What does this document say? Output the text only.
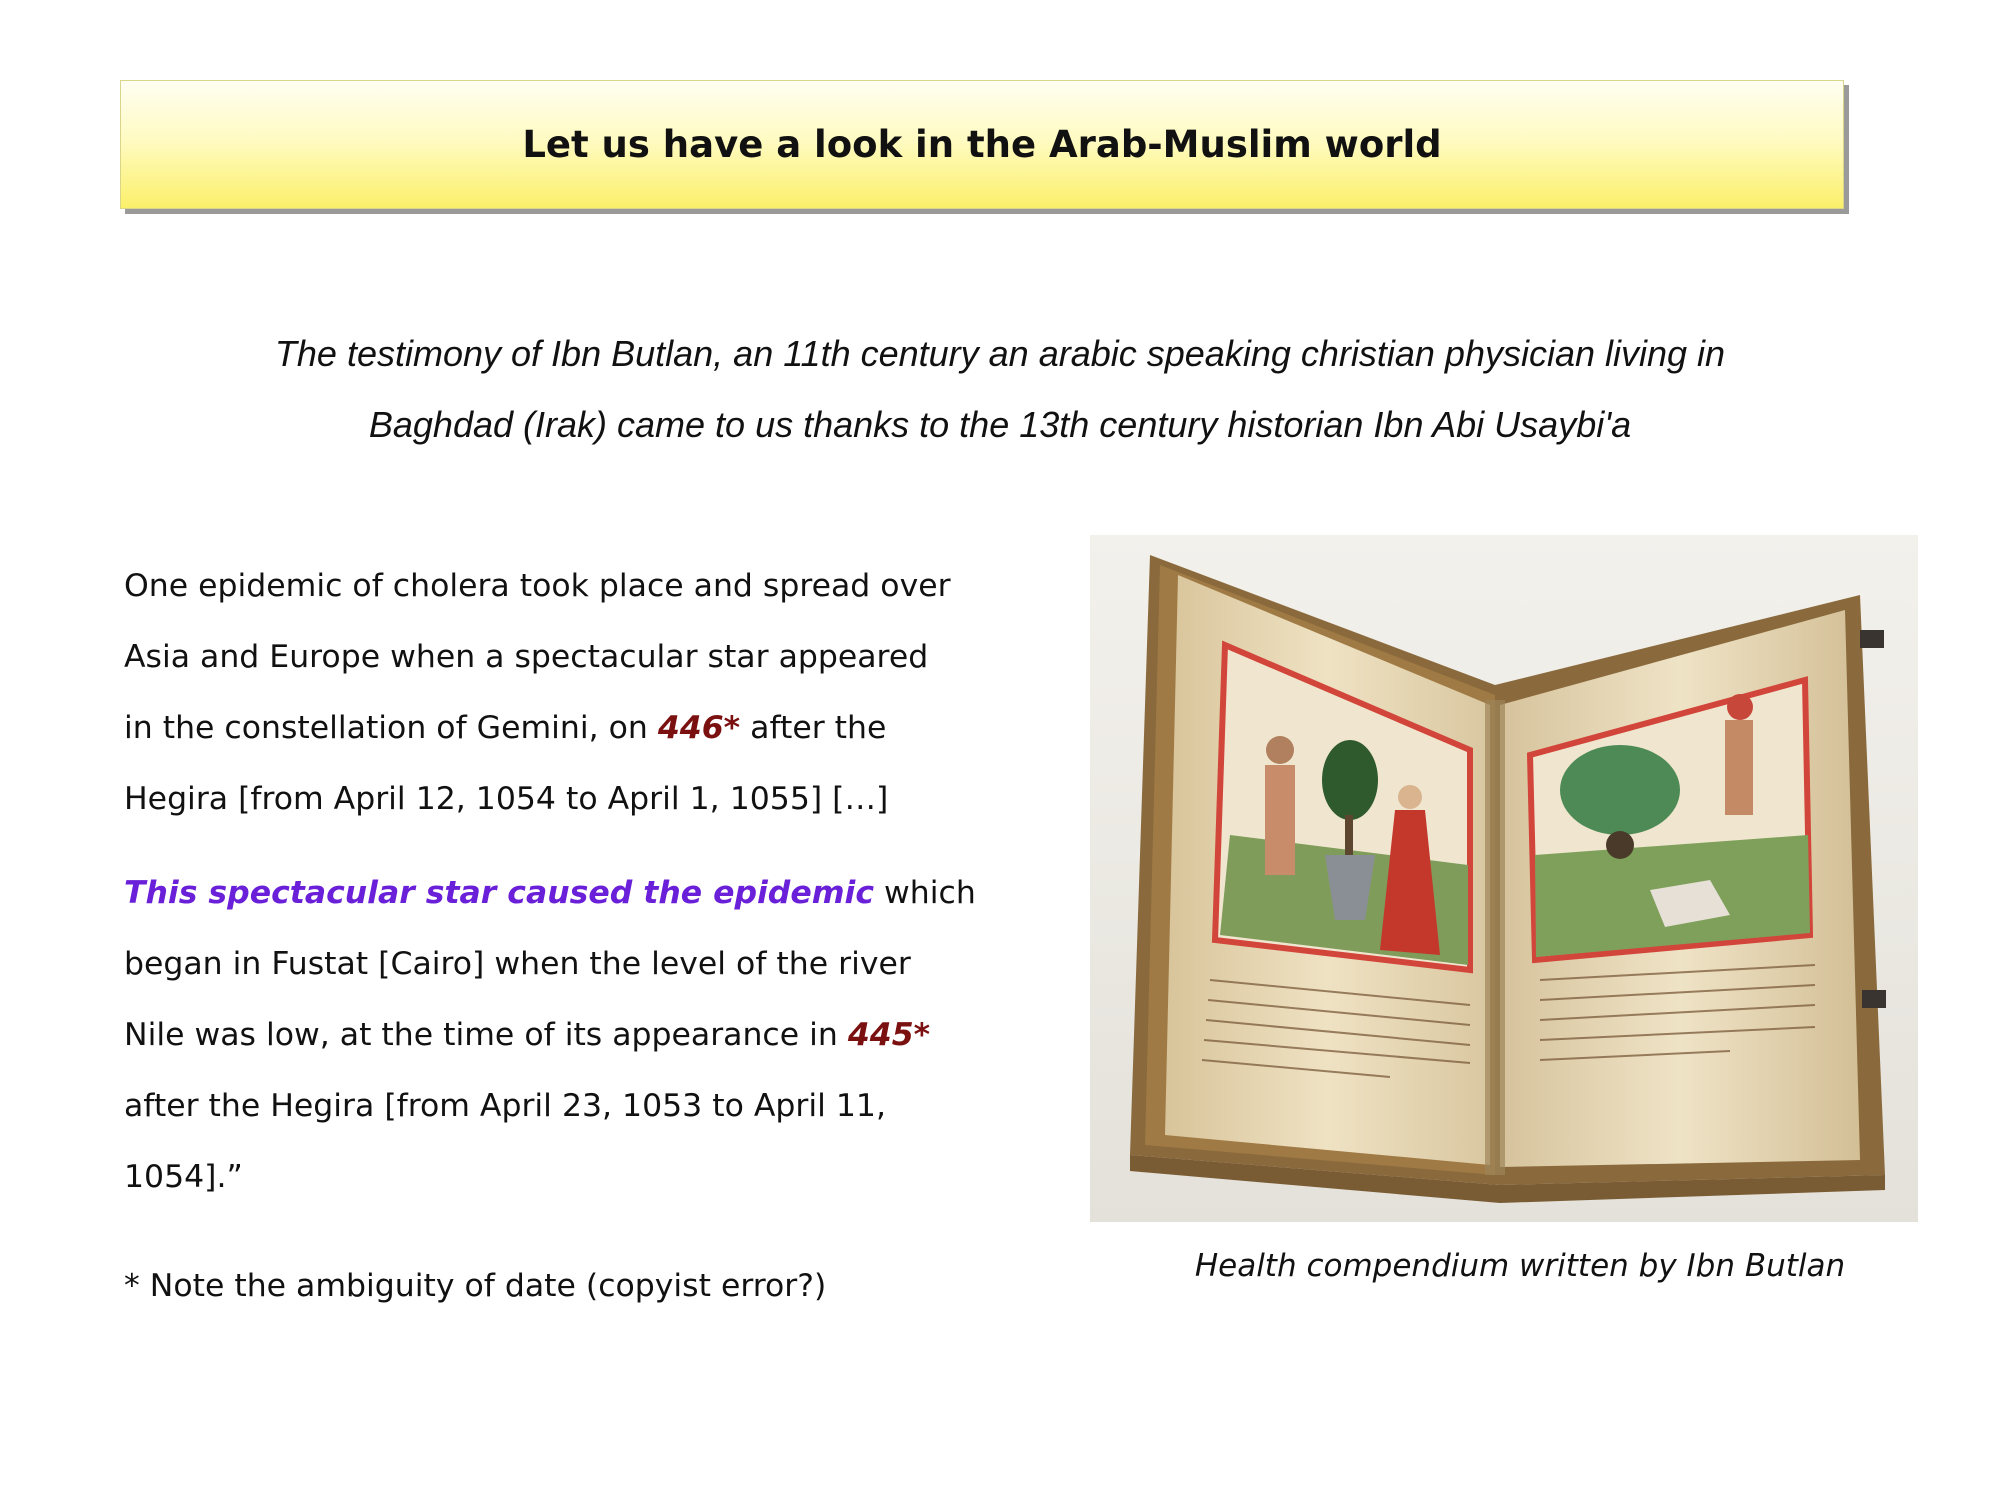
Let us have a look in the Arab-Muslim world
The testimony of Ibn Butlan, an 11th century an arabic speaking christian physician living in
Baghdad (Irak) came to us thanks to the 13th century historian Ibn Abi Usaybi'a

One epidemic of cholera took place and spread over
Asia and Europe when a spectacular star appeared
in the constellation of Gemini, on 446* after the
Hegira [from April 12, 1054 to April 1, 1055] […]

This spectacular star caused the epidemic which
began in Fustat [Cairo] when the level of the river
Nile was low, at the time of its appearance in 445*
after the Hegira [from April 23, 1053 to April 11,
1054].”

* Note the ambiguity of date (copyist error?)

Health compendium written by Ibn Butlan
